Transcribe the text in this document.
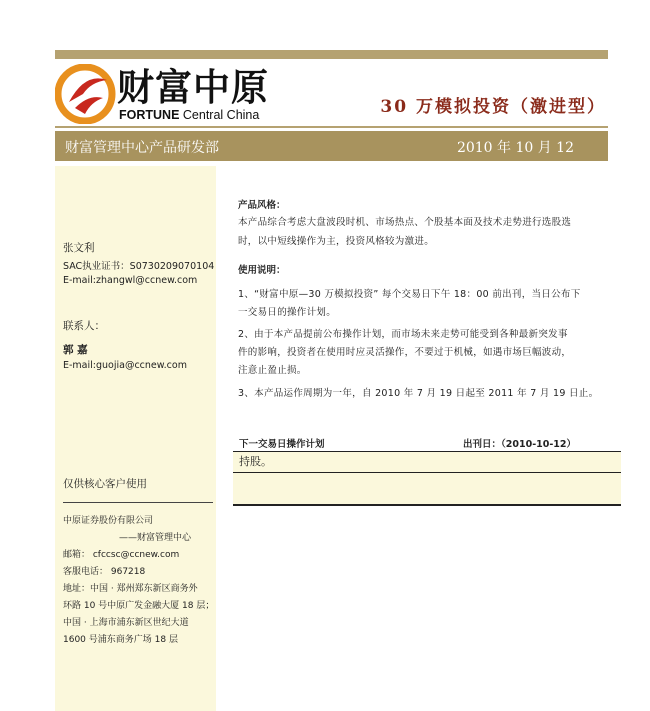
财富中原
FORTUNE Central China	30 万模拟投资（激进型）
财富管理中心产品研发部	2010 年 10 月 12
张文利
SAC执业证书：S0730209070104
E-mail:zhangwl@ccnew.com
联系人：
郭 嘉
E-mail:guojia@ccnew.com
仅供核心客户使用
中原证券股份有限公司
——财富管理中心
邮箱： cfccsc@ccnew.com
客服电话： 967218
地址：中国 · 郑州郑东新区商务外
环路 10 号中原广发金融大厦 18 层；
中国 · 上海市浦东新区世纪大道
1600 号浦东商务广场 18 层
产品风格：
本产品综合考虑大盘波段时机、市场热点、个股基本面及技术走势进行选股选
时，以中短线操作为主，投资风格较为激进。
使用说明：
1、“财富中原—30 万模拟投资” 每个交易日下午 18：00 前出刊，当日公布下
一交易日的操作计划。
2、由于本产品提前公布操作计划，而市场未来走势可能受到各种最新突发事
件的影响，投资者在使用时应灵活操作，不要过于机械，如遇市场巨幅波动，
注意止盈止损。
3、本产品运作周期为一年，自 2010 年 7 月 19 日起至 2011 年 7 月 19 日止。
下一交易日操作计划	出刊日：（2010-10-12）
持股。
